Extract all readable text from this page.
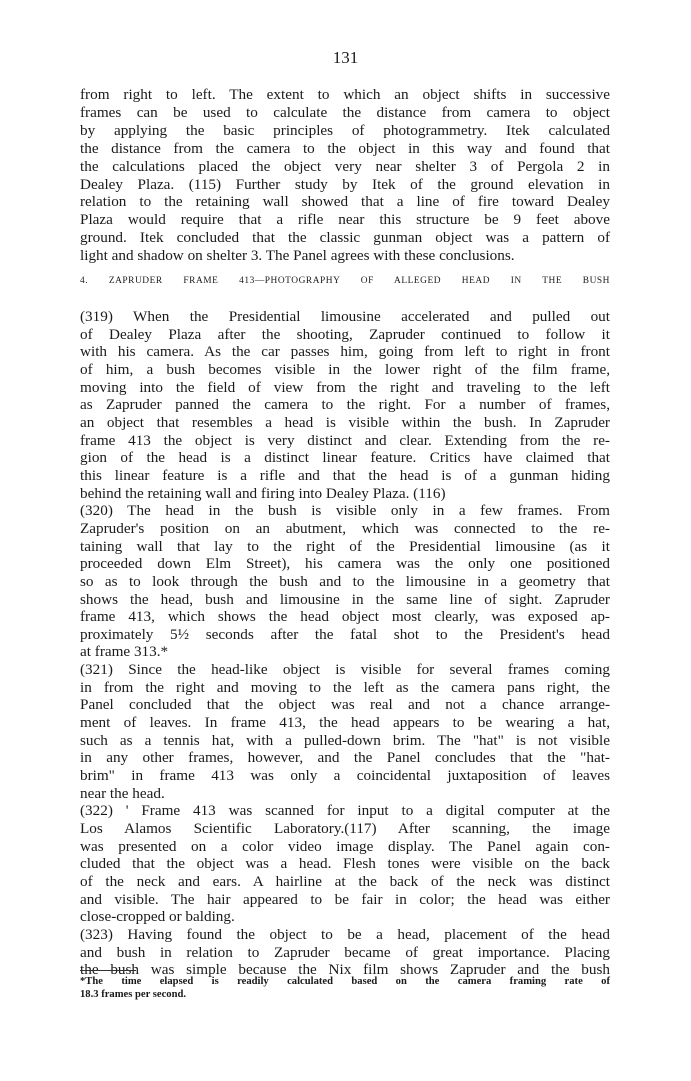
131
from right to left. The extent to which an object shifts in successive
frames can be used to calculate the distance from camera to object
by applying the basic principles of photogrammetry. Itek calculated
the distance from the camera to the object in this way and found that
the calculations placed the object very near shelter 3 of Pergola 2 in
Dealey Plaza. (115) Further study by Itek of the ground elevation in
relation to the retaining wall showed that a line of fire toward Dealey
Plaza would require that a rifle near this structure be 9 feet above
ground. Itek concluded that the classic gunman object was a pattern of
light and shadow on shelter 3. The Panel agrees with these conclusions.
4. ZAPRUDER FRAME 413—PHOTOGRAPHY OF ALLEGED HEAD IN THE BUSH
(319) When the Presidential limousine accelerated and pulled out
of Dealey Plaza after the shooting, Zapruder continued to follow it
with his camera. As the car passes him, going from left to right in front
of him, a bush becomes visible in the lower right of the film frame,
moving into the field of view from the right and traveling to the left
as Zapruder panned the camera to the right. For a number of frames,
an object that resembles a head is visible within the bush. In Zapruder
frame 413 the object is very distinct and clear. Extending from the re-
gion of the head is a distinct linear feature. Critics have claimed that
this linear feature is a rifle and that the head is of a gunman hiding
behind the retaining wall and firing into Dealey Plaza. (116)
(320) The head in the bush is visible only in a few frames. From
Zapruder's position on an abutment, which was connected to the re-
taining wall that lay to the right of the Presidential limousine (as it
proceeded down Elm Street), his camera was the only one positioned
so as to look through the bush and to the limousine in a geometry that
shows the head, bush and limousine in the same line of sight. Zapruder
frame 413, which shows the head object most clearly, was exposed ap-
proximately 5½ seconds after the fatal shot to the President's head
at frame 313.*
(321) Since the head-like object is visible for several frames coming
in from the right and moving to the left as the camera pans right, the
Panel concluded that the object was real and not a chance arrange-
ment of leaves. In frame 413, the head appears to be wearing a hat,
such as a tennis hat, with a pulled-down brim. The "hat" is not visible
in any other frames, however, and the Panel concludes that the "hat-
brim" in frame 413 was only a coincidental juxtaposition of leaves
near the head.
(322) ' Frame 413 was scanned for input to a digital computer at the
Los Alamos Scientific Laboratory.(117) After scanning, the image
was presented on a color video image display. The Panel again con-
cluded that the object was a head. Flesh tones were visible on the back
of the neck and ears. A hairline at the back of the neck was distinct
and visible. The hair appeared to be fair in color; the head was either
close-cropped or balding.
(323) Having found the object to be a head, placement of the head
and bush in relation to Zapruder became of great importance. Placing
the bush was simple because the Nix film shows Zapruder and the bush
*The time elapsed is readily calculated based on the camera framing rate of
18.3 frames per second.
